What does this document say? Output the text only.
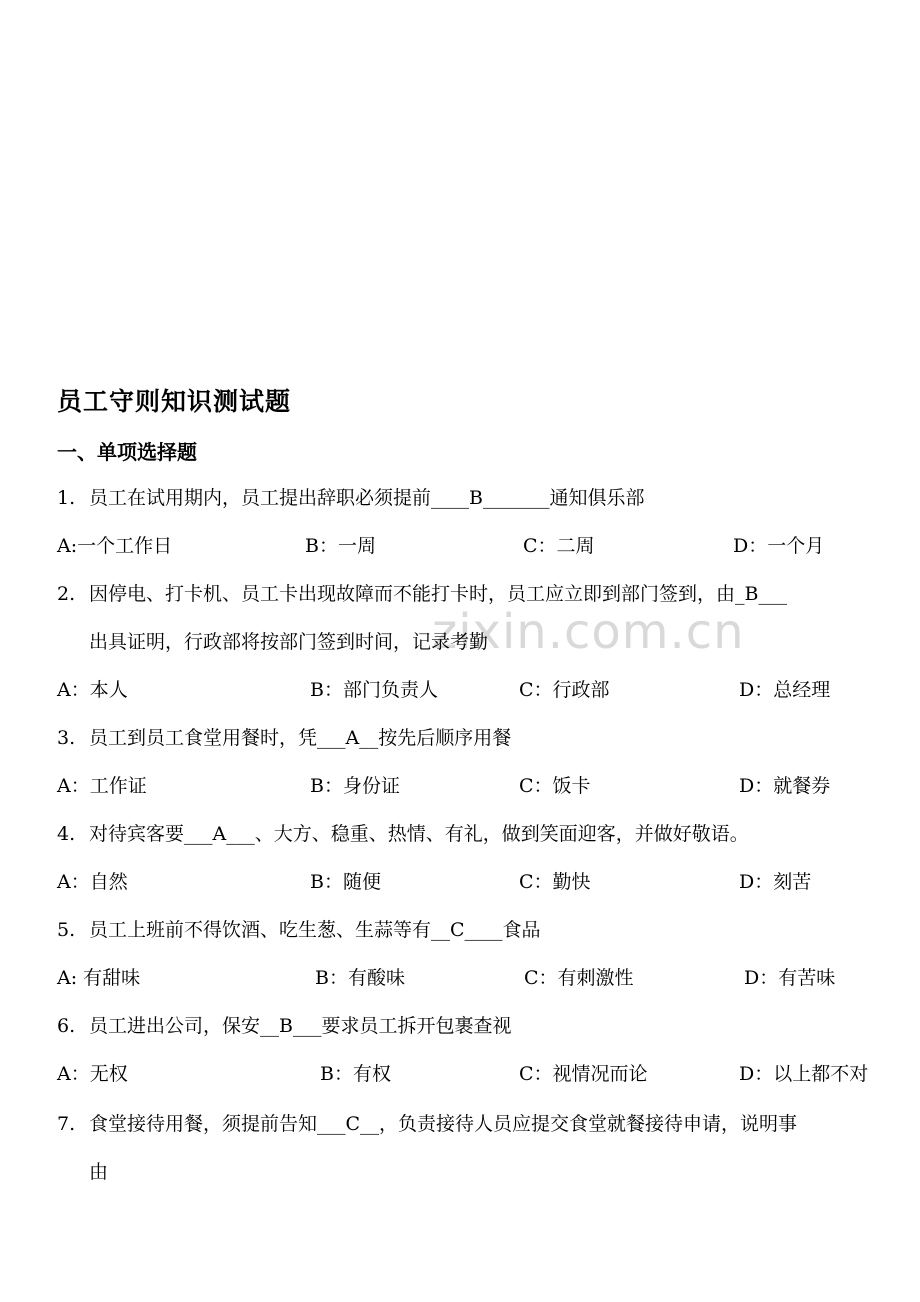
zixin.com.cn
员工守则知识测试题
一、单项选择题
1. 员工在试用期内，员工提出辞职必须提前____B_______通知俱乐部
A:一个工作日	B：一周	C：二周	D：一个月
2. 因停电、打卡机、员工卡出现故障而不能打卡时，员工应立即到部门签到，由_B___
出具证明，行政部将按部门签到时间，记录考勤
A：本人	B：部门负责人	C：行政部	D：总经理
3. 员工到员工食堂用餐时，凭___A__按先后顺序用餐
A：工作证	B：身份证	C：饭卡	D：就餐券
4. 对待宾客要___A___、大方、稳重、热情、有礼，做到笑面迎客，并做好敬语。
A：自然	B：随便	C：勤快	D：刻苦
5. 员工上班前不得饮酒、吃生葱、生蒜等有__C____食品
A: 有甜味	B：有酸味	C：有刺激性	D：有苦味
6. 员工进出公司，保安__B___要求员工拆开包裹查视
A：无权	B：有权	C：视情况而论	D：以上都不对
7. 食堂接待用餐，须提前告知___C__，负责接待人员应提交食堂就餐接待申请，说明事
由
